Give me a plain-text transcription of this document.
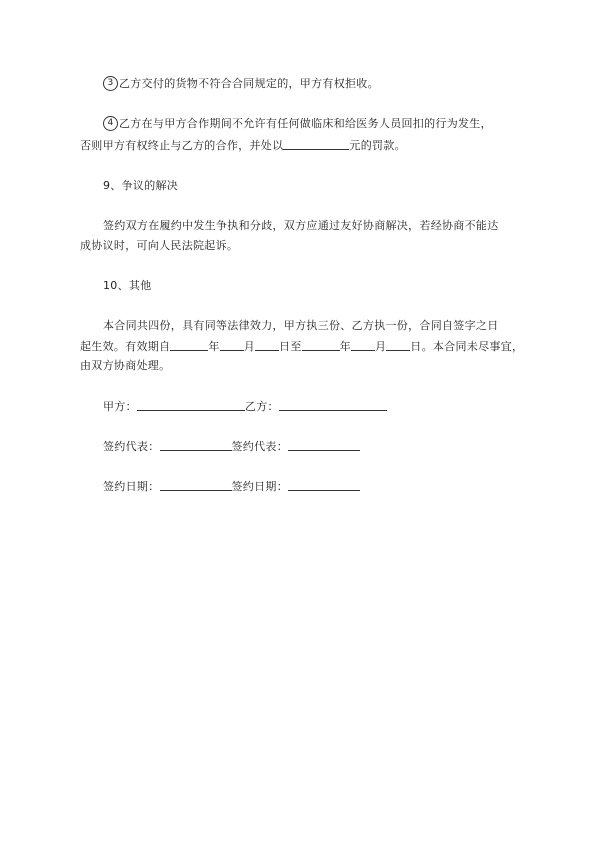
3 乙方交付的货物不符合合同规定的，甲方有权拒收。
4 乙方在与甲方合作期间不允许有任何做临床和给医务人员回扣的行为发生，
否则甲方有权终止与乙方的合作，并处以	元的罚款。
9、争议的解决
签约双方在履约中发生争执和分歧，双方应通过友好协商解决，若经协商不能达
成协议时，可向人民法院起诉。
10、其他
本合同共四份，具有同等法律效力，甲方执三份、乙方执一份，合同自签字之日
起生效。有效期自	年 月 日至	年 月 日。本合同未尽事宜，
由双方协商处理。
甲方：	乙方：
签约代表：	签约代表：
签约日期：	签约日期：
